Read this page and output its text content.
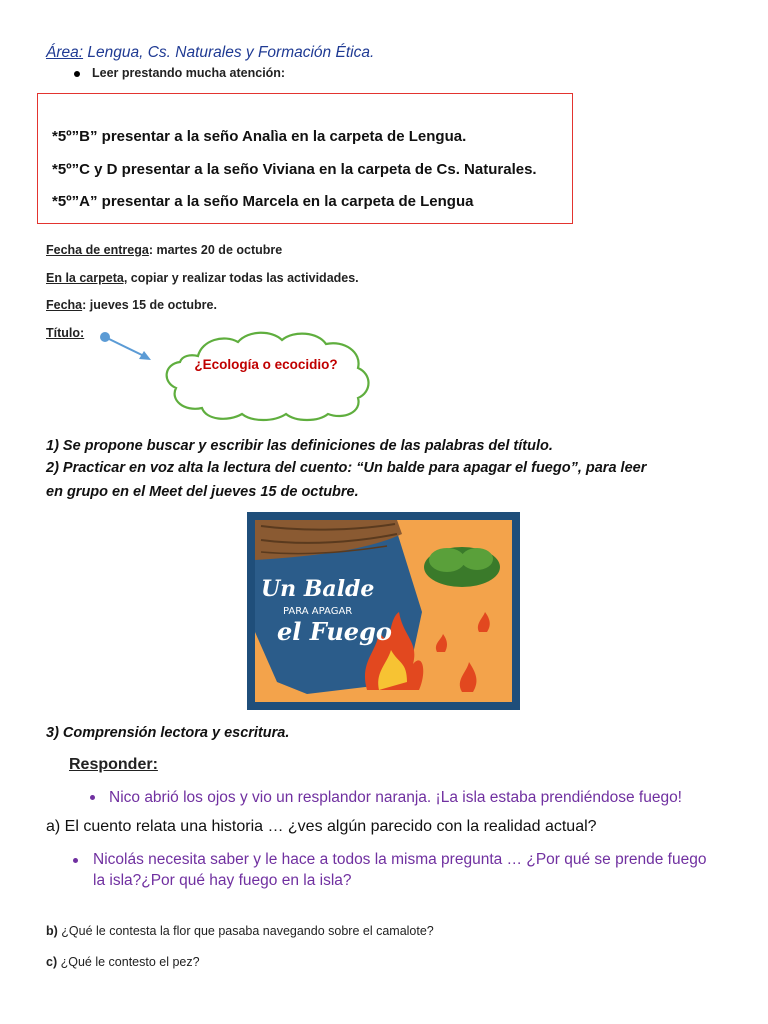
Área: Lengua, Cs. Naturales y Formación Ética.
Leer prestando mucha atención:
*5º”B” presentar a la seño Analìa en la carpeta de Lengua.
*5º”C y D presentar a la seño Viviana en la carpeta de Cs. Naturales.
*5º”A” presentar a la seño Marcela en la carpeta de Lengua
Fecha de entrega: martes 20 de octubre
En la carpeta, copiar y realizar todas las actividades.
Fecha: jueves 15 de octubre.
Título:
¿Ecología o ecocidio?
1) Se propone buscar y escribir las definiciones de las palabras del título.
2) Practicar en voz alta la lectura del cuento: “Un balde para apagar el fuego”, para leer
en grupo en el Meet del jueves 15 de octubre.
Un Balde
PARA APAGAR
el Fuego
3) Comprensión lectora y escritura.
Responder:
Nico abrió los ojos y vio un resplandor naranja. ¡La isla estaba prendiéndose fuego!
a) El cuento relata una historia … ¿ves algún parecido con la realidad actual?
Nicolás necesita saber y le hace a todos la misma pregunta … ¿Por qué se prende fuego
la isla?¿Por qué hay fuego en la isla?
b) ¿Qué le contesta la flor que pasaba navegando sobre el camalote?
c) ¿Qué le contesto el pez?
